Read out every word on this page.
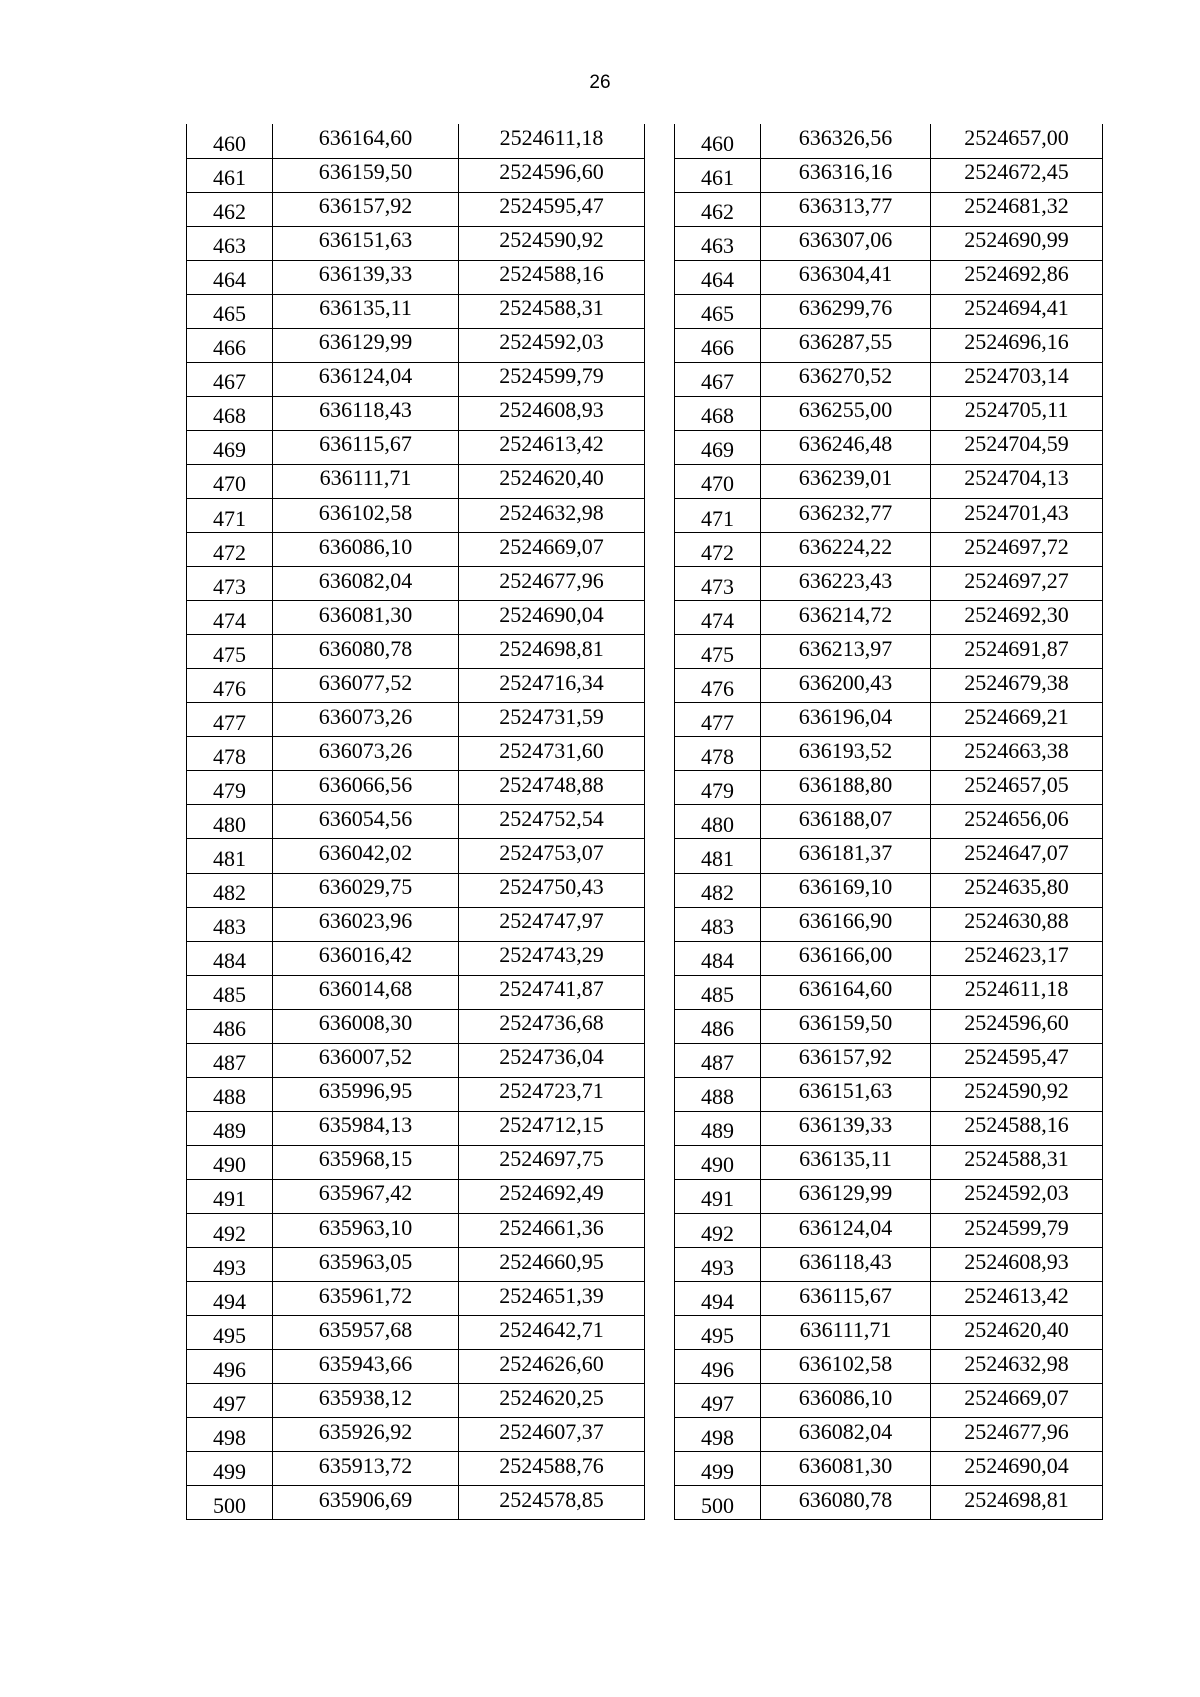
26
460	636164,60	2524611,18
461	636159,50	2524596,60
462	636157,92	2524595,47
463	636151,63	2524590,92
464	636139,33	2524588,16
465	636135,11	2524588,31
466	636129,99	2524592,03
467	636124,04	2524599,79
468	636118,43	2524608,93
469	636115,67	2524613,42
470	636111,71	2524620,40
471	636102,58	2524632,98
472	636086,10	2524669,07
473	636082,04	2524677,96
474	636081,30	2524690,04
475	636080,78	2524698,81
476	636077,52	2524716,34
477	636073,26	2524731,59
478	636073,26	2524731,60
479	636066,56	2524748,88
480	636054,56	2524752,54
481	636042,02	2524753,07
482	636029,75	2524750,43
483	636023,96	2524747,97
484	636016,42	2524743,29
485	636014,68	2524741,87
486	636008,30	2524736,68
487	636007,52	2524736,04
488	635996,95	2524723,71
489	635984,13	2524712,15
490	635968,15	2524697,75
491	635967,42	2524692,49
492	635963,10	2524661,36
493	635963,05	2524660,95
494	635961,72	2524651,39
495	635957,68	2524642,71
496	635943,66	2524626,60
497	635938,12	2524620,25
498	635926,92	2524607,37
499	635913,72	2524588,76
500	635906,69	2524578,85
460	636326,56	2524657,00
461	636316,16	2524672,45
462	636313,77	2524681,32
463	636307,06	2524690,99
464	636304,41	2524692,86
465	636299,76	2524694,41
466	636287,55	2524696,16
467	636270,52	2524703,14
468	636255,00	2524705,11
469	636246,48	2524704,59
470	636239,01	2524704,13
471	636232,77	2524701,43
472	636224,22	2524697,72
473	636223,43	2524697,27
474	636214,72	2524692,30
475	636213,97	2524691,87
476	636200,43	2524679,38
477	636196,04	2524669,21
478	636193,52	2524663,38
479	636188,80	2524657,05
480	636188,07	2524656,06
481	636181,37	2524647,07
482	636169,10	2524635,80
483	636166,90	2524630,88
484	636166,00	2524623,17
485	636164,60	2524611,18
486	636159,50	2524596,60
487	636157,92	2524595,47
488	636151,63	2524590,92
489	636139,33	2524588,16
490	636135,11	2524588,31
491	636129,99	2524592,03
492	636124,04	2524599,79
493	636118,43	2524608,93
494	636115,67	2524613,42
495	636111,71	2524620,40
496	636102,58	2524632,98
497	636086,10	2524669,07
498	636082,04	2524677,96
499	636081,30	2524690,04
500	636080,78	2524698,81
